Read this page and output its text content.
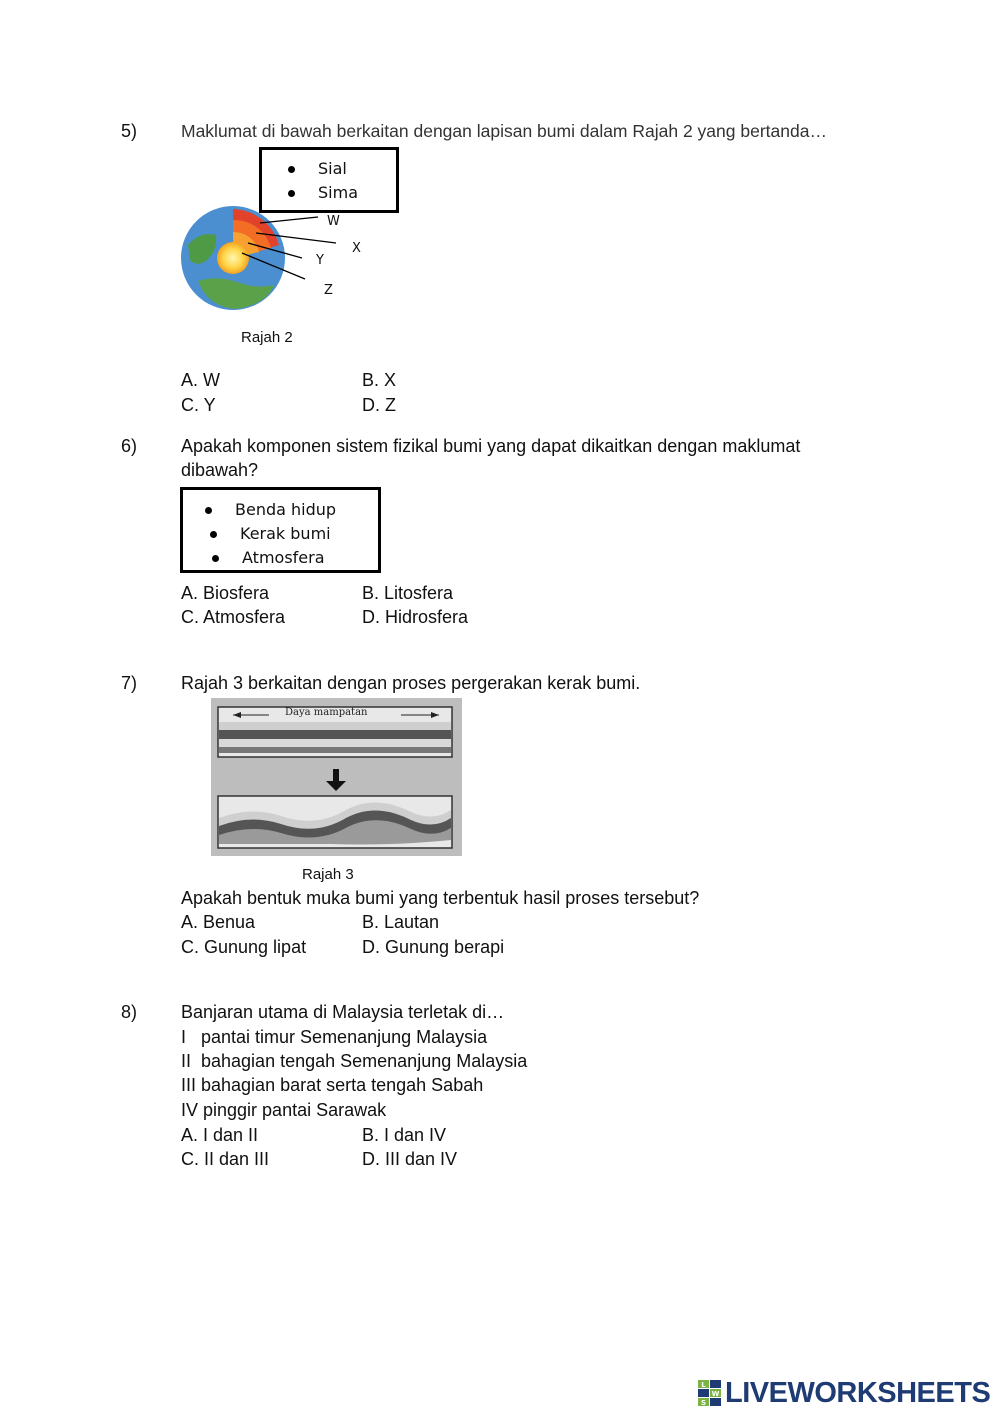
5)	Maklumat di bawah berkaitan dengan lapisan bumi dalam Rajah 2 yang bertanda…
Sial
Sima
W
X
Y
Z
Rajah 2
A. W	B. X
C. Y	D. Z
6) Apakah komponen sistem fizikal bumi yang dapat dikaitkan dengan maklumat
dibawah?
Benda hidup
Kerak bumi
Atmosfera
A. Biosfera	B. Litosfera
C. Atmosfera	D. Hidrosfera
7) Rajah 3 berkaitan dengan proses pergerakan kerak bumi.
Daya mampatan
Rajah 3
Apakah bentuk muka bumi yang terbentuk hasil proses tersebut?
A. Benua	B. Lautan
C. Gunung lipat	D. Gunung berapi
8) Banjaran utama di Malaysia terletak di…
I   pantai timur Semenanjung Malaysia
II  bahagian tengah Semenanjung Malaysia
III bahagian barat serta tengah Sabah
IV pinggir pantai Sarawak
A. I dan II	B. I dan IV
C. II dan III	D. III dan IV
L
W
S LIVEWORKSHEETS
